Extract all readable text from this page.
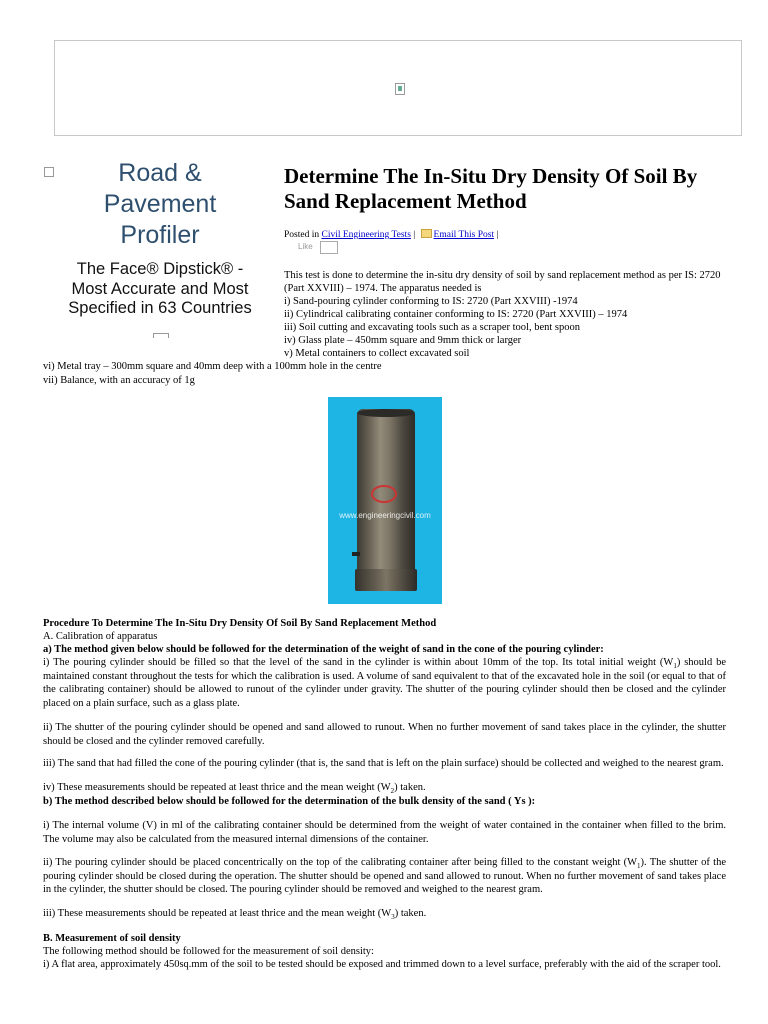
Road & Pavement Profiler
The Face® Dipstick® - Most Accurate and Most Specified in 63 Countries
Determine The In-Situ Dry Density Of Soil By Sand Replacement Method
Posted in Civil Engineering Tests | Email This Post |
Like
This test is done to determine the in-situ dry density of soil by sand replacement method as per IS: 2720
(Part XXVIII) – 1974. The apparatus needed is
i) Sand-pouring cylinder conforming to IS: 2720 (Part XXVIII) -1974
ii) Cylindrical calibrating container conforming to IS: 2720 (Part XXVIII) – 1974
iii) Soil cutting and excavating tools such as a scraper tool, bent spoon
iv) Glass plate – 450mm square and 9mm thick or larger
v) Metal containers to collect excavated soil
vi) Metal tray – 300mm square and 40mm deep with a 100mm hole in the centre
vii) Balance, with an accuracy of 1g
www.engineeringcivil.com
Procedure To Determine The In-Situ Dry Density Of Soil By Sand Replacement Method
A. Calibration of apparatus
a) The method given below should be followed for the determination of the weight of sand in the cone of the pouring cylinder:

i) The pouring cylinder should be filled so that the level of the sand in the cylinder is within about 10mm of the top. Its total initial weight $(W_1)$ should be maintained constant throughout the tests for which the calibration is used. A volume of sand equivalent to that of the excavated hole in the soil (or equal to that of the calibrating container) should be allowed to runout of the cylinder under gravity. The shutter of the pouring cylinder should then be closed and the cylinder placed on a plain surface, such as a glass plate.

ii) The shutter of the pouring cylinder should be opened and sand allowed to runout. When no further movement of sand takes place in the cylinder, the shutter should be closed and the cylinder removed carefully.

iii) The sand that had filled the cone of the pouring cylinder (that is, the sand that is left on the plain surface) should be collected and weighed to the nearest gram.

iv) These measurements should be repeated at least thrice and the mean weight $(W_2)$ taken.

b) The method described below should be followed for the determination of the bulk density of the sand ( Ys ):

i) The internal volume (V) in ml of the calibrating container should be determined from the weight of water contained in the container when filled to the brim. The volume may also be calculated from the measured internal dimensions of the container.

ii) The pouring cylinder should be placed concentrically on the top of the calibrating container after being filled to the constant weight $(W_1)$. The shutter of the pouring cylinder should be closed during the operation. The shutter should be opened and sand allowed to runout. When no further movement of sand takes place in the cylinder, the shutter should be closed. The pouring cylinder should be removed and weighed to the nearest gram.

iii) These measurements should be repeated at least thrice and the mean weight $(W_3)$ taken.

B. Measurement of soil density
The following method should be followed for the measurement of soil density:
i) A flat area, approximately 450sq.mm of the soil to be tested should be exposed and trimmed down to a level surface, preferably with the aid of the scraper tool.
